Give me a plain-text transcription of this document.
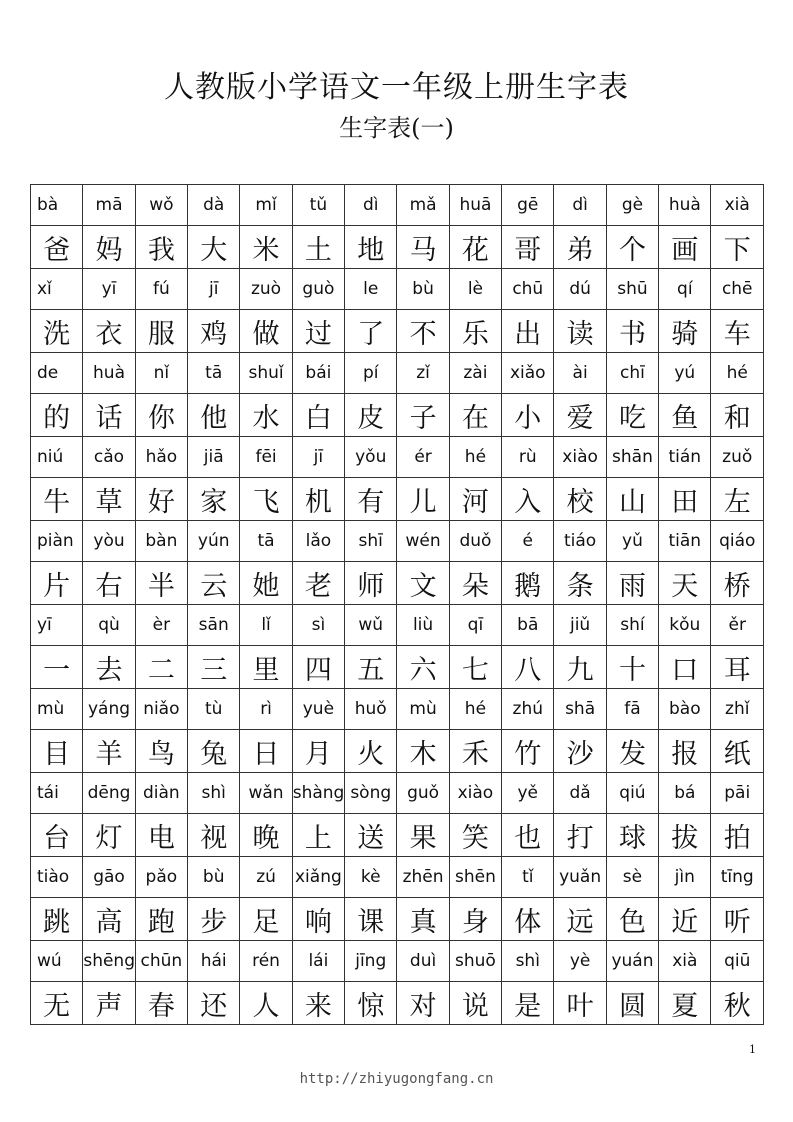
人教版小学语文一年级上册生字表
生字表(一)
bà	mā	wǒ	dà	mǐ	tǔ	dì	mǎ	huā	gē	dì	gè	huà	xià
爸	妈	我	大	米	土	地	马	花	哥	弟	个	画	下
xǐ	yī	fú	jī	zuò	guò	le	bù	lè	chū	dú	shū	qí	chē
洗	衣	服	鸡	做	过	了	不	乐	出	读	书	骑	车
de	huà	nǐ	tā	shuǐ	bái	pí	zǐ	zài	xiǎo	ài	chī	yú	hé
的	话	你	他	水	白	皮	子	在	小	爱	吃	鱼	和
niú	cǎo	hǎo	jiā	fēi	jī	yǒu	ér	hé	rù	xiào	shān	tián	zuǒ
牛	草	好	家	飞	机	有	儿	河	入	校	山	田	左
piàn	yòu	bàn	yún	tā	lǎo	shī	wén	duǒ	é	tiáo	yǔ	tiān	qiáo
片	右	半	云	她	老	师	文	朵	鹅	条	雨	天	桥
yī	qù	èr	sān	lǐ	sì	wǔ	liù	qī	bā	jiǔ	shí	kǒu	ěr
一	去	二	三	里	四	五	六	七	八	九	十	口	耳
mù	yáng	niǎo	tù	rì	yuè	huǒ	mù	hé	zhú	shā	fā	bào	zhǐ
目	羊	鸟	兔	日	月	火	木	禾	竹	沙	发	报	纸
tái	dēng	diàn	shì	wǎn	shàng	sòng	guǒ	xiào	yě	dǎ	qiú	bá	pāi
台	灯	电	视	晚	上	送	果	笑	也	打	球	拔	拍
tiào	gāo	pǎo	bù	zú	xiǎng	kè	zhēn	shēn	tǐ	yuǎn	sè	jìn	tīng
跳	高	跑	步	足	响	课	真	身	体	远	色	近	听
wú	shēng	chūn	hái	rén	lái	jīng	duì	shuō	shì	yè	yuán	xià	qiū
无	声	春	还	人	来	惊	对	说	是	叶	圆	夏	秋
1
http://zhiyugongfang.cn
